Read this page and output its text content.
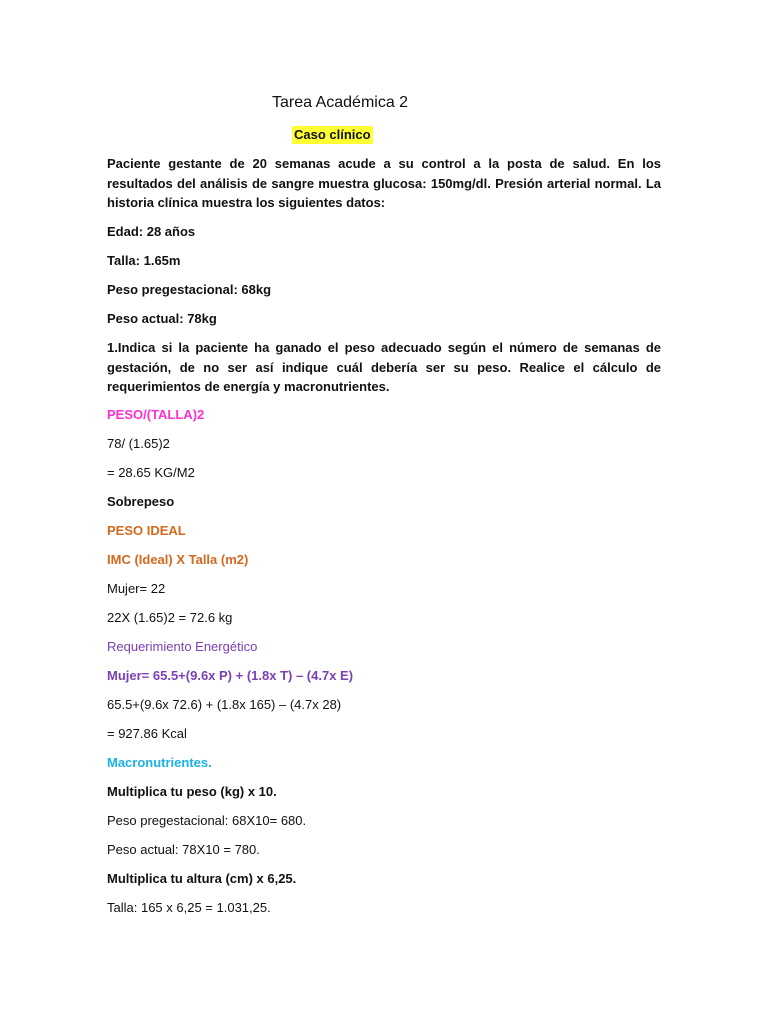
Tarea Académica 2
Caso clínico
Paciente gestante de 20 semanas acude a su control a la posta de salud. En los resultados del análisis de sangre muestra glucosa: 150mg/dl. Presión arterial normal. La historia clínica muestra los siguientes datos:
Edad: 28 años
Talla: 1.65m
Peso pregestacional: 68kg
Peso actual: 78kg
1.Indica si la paciente ha ganado el peso adecuado según el número de semanas de gestación, de no ser así indique cuál debería ser su peso. Realice el cálculo de requerimientos de energía y macronutrientes.
PESO/(TALLA)2
78/ (1.65)2
= 28.65 KG/M2
Sobrepeso
PESO IDEAL
IMC (Ideal) X Talla (m2)
Mujer= 22
22X (1.65)2 = 72.6 kg
Requerimiento Energético
Mujer= 65.5+(9.6x P) + (1.8x T) – (4.7x E)
65.5+(9.6x 72.6) + (1.8x 165) – (4.7x 28)
= 927.86 Kcal
Macronutrientes.
Multiplica tu peso (kg) x 10.
Peso pregestacional: 68X10= 680.
Peso actual: 78X10 = 780.
Multiplica tu altura (cm) x 6,25.
Talla: 165 x 6,25 = 1.031,25.
